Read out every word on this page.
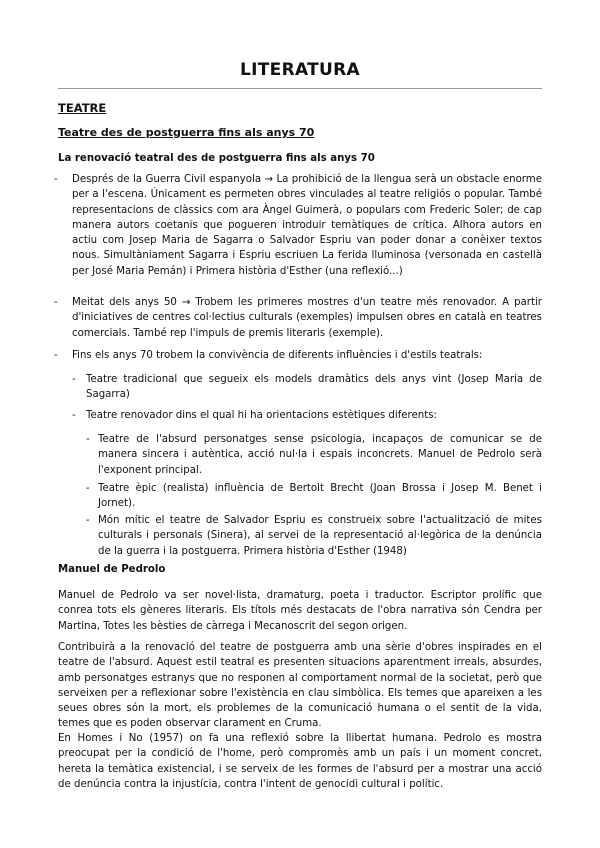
LITERATURA
TEATRE
Teatre des de postguerra fins als anys 70
La renovació teatral des de postguerra fins als anys 70
- Després de la Guerra Civil espanyola → La prohibició de la llengua serà un obstacle enorme per a l'escena. Únicament es permeten obres vinculades al teatre religiós o popular. També representacions de clàssics com ara Àngel Guimerà, o populars com Frederic Soler; de cap manera autors coetanis que pogueren introduir temàtiques de crítica. Alhora autors en actiu com Josep Maria de Sagarra o Salvador Espriu van poder donar a conèixer textos nous. Simultàniament Sagarra i Espriu escriuen La ferida lluminosa (versonada en castellà per José Maria Pemán) i Primera història d'Esther (una reflexió...)

- Meitat dels anys 50 → Trobem les primeres mostres d'un teatre més renovador. A partir d'iniciatives de centres col·lectius culturals (exemples) impulsen obres en català en teatres comercials. També rep l'impuls de premis literaris (exemple).

- Fins els anys 70 trobem la convivència de diferents influències i d'estils teatrals:

- Teatre tradicional que segueix els models dramàtics dels anys vint (Josep Maria de Sagarra)

- Teatre renovador dins el qual hi ha orientacions estètiques diferents:

- Teatre de l'absurd personatges sense psicologia, incapaços de comunicar se de manera sincera i autèntica, acció nul·la i espais inconcrets. Manuel de Pedrolo serà l'exponent principal.

- Teatre èpic (realista) influència de Bertolt Brecht (Joan Brossa i Josep M. Benet i Jornet).

- Món mític el teatre de Salvador Espriu es construeix sobre l'actualització de mites culturals i personals (Sinera), al servei de la representació al·legòrica de la denúncia de la guerra i la postguerra. Primera història d'Esther (1948)

Manuel de Pedrolo

Manuel de Pedrolo va ser novel·lista, dramaturg, poeta i traductor. Escriptor prolífic que conrea tots els gèneres literaris. Els títols més destacats de l'obra narrativa són Cendra per Martina, Totes les bèsties de càrrega i Mecanoscrit del segon origen.

Contribuirà a la renovació del teatre de postguerra amb una sèrie d'obres inspirades en el teatre de l'absurd. Aquest estil teatral es presenten situacions aparentment irreals, absurdes, amb personatges estranys que no responen al comportament normal de la societat, però que serveixen per a reflexionar sobre l'existència en clau simbòlica. Els temes que apareixen a les seues obres són la mort, els problemes de la comunicació humana o el sentit de la vida, temes que es poden observar clarament en Cruma.

En Homes i No (1957) on fa una reflexió sobre la llibertat humana. Pedrolo es mostra preocupat per la condició de l'home, però compromès amb un país i un moment concret, hereta la temàtica existencial, i se serveix de les formes de l'absurd per a mostrar una acció de denúncia contra la injustícia, contra l'intent de genocidi cultural i polític.
